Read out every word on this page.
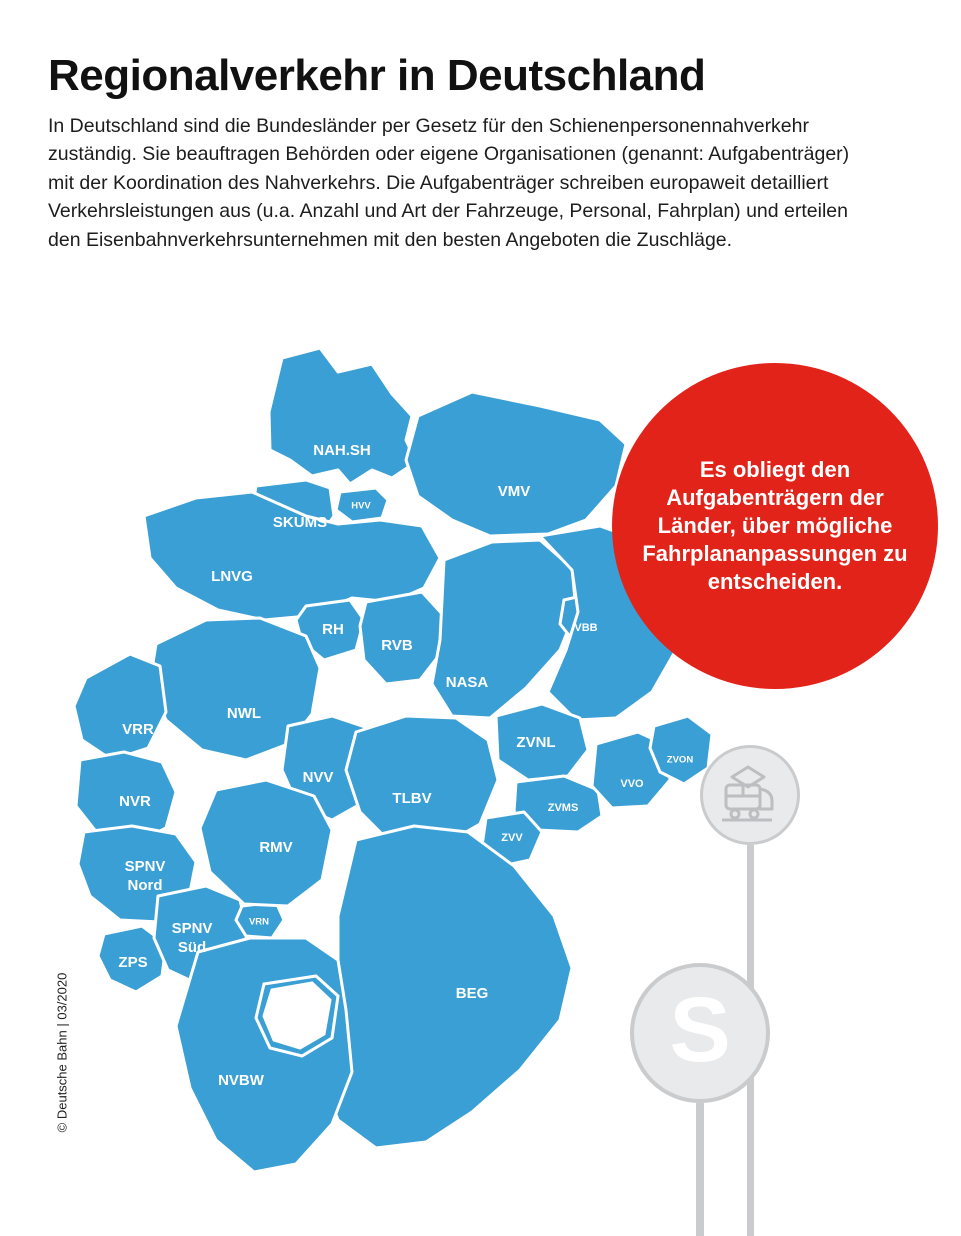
Regionalverkehr in Deutschland

In Deutschland sind die Bundesländer per Gesetz für den Schienenpersonennahverkehr zuständig. Sie beauftragen Behörden oder eigene Organisationen (genannt: Aufgabenträger) mit der Koordination des Nahverkehrs. Die Aufgabenträger schreiben europaweit detailliert Verkehrsleistungen aus (u.a. Anzahl und Art der Fahrzeuge, Personal, Fahrplan) und erteilen den Eisenbahnverkehrsunternehmen mit den besten Angeboten die Zuschläge.

© Deutsche Bahn | 03/2020
NAH.SH
HVV
SKUMS
VMV
LNVG
RH
RVB
VBB
NASA
NWL
VRR
ZVNL
ZVON
NVV	VVO
NVR	TLBV
ZVMS
ZVV
RMV
SPNV
Nord
SPNV
Süd
VRN
ZPS
BEG
VRS
NVBW
Es obliegt den Aufgabenträgern der Länder, über mögliche Fahrplananpassungen zu entscheiden.
S
